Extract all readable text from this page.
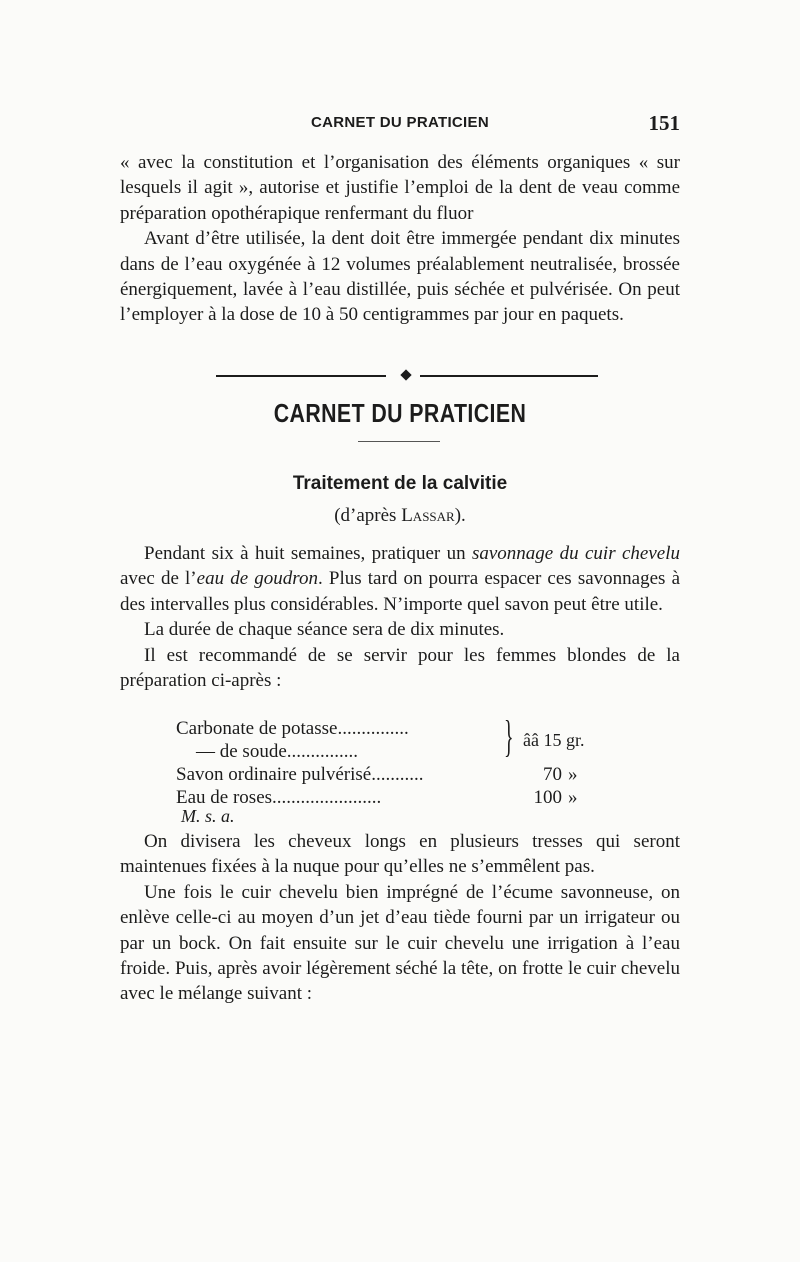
CARNET DU PRATICIEN	151

« avec la constitution et l’organisation des éléments organiques « sur lesquels il agit », autorise et justifie l’emploi de la dent de veau comme préparation opothérapique renfermant du fluor

Avant d’être utilisée, la dent doit être immergée pendant dix minutes dans de l’eau oxygénée à 12 volumes préalablement neutralisée, brossée énergiquement, lavée à l’eau distillée, puis séchée et pulvérisée. On peut l’employer à la dose de 10 à 50 centigrammes par jour en paquets.

CARNET DU PRATICIEN
Traitement de la calvitie
(d’après Lassar).

Pendant six à huit semaines, pratiquer un savonnage du cuir chevelu avec de l’eau de goudron. Plus tard on pourra espacer ces savonnages à des intervalles plus considérables. N’importe quel savon peut être utile.

La durée de chaque séance sera de dix minutes.

Il est recommandé de se servir pour les femmes blondes de la préparation ci-après :

Carbonate de potasse...............
— de soude...............	} ââ 15 gr.
Savon ordinaire pulvérisé...........	70 »
Eau de roses.......................	100 »
M. s. a.

On divisera les cheveux longs en plusieurs tresses qui seront maintenues fixées à la nuque pour qu’elles ne s’emmêlent pas.

Une fois le cuir chevelu bien imprégné de l’écume savonneuse, on enlève celle-ci au moyen d’un jet d’eau tiède fourni par un irrigateur ou par un bock. On fait ensuite sur le cuir chevelu une irrigation à l’eau froide. Puis, après avoir légèrement séché la tête, on frotte le cuir chevelu avec le mélange suivant :
